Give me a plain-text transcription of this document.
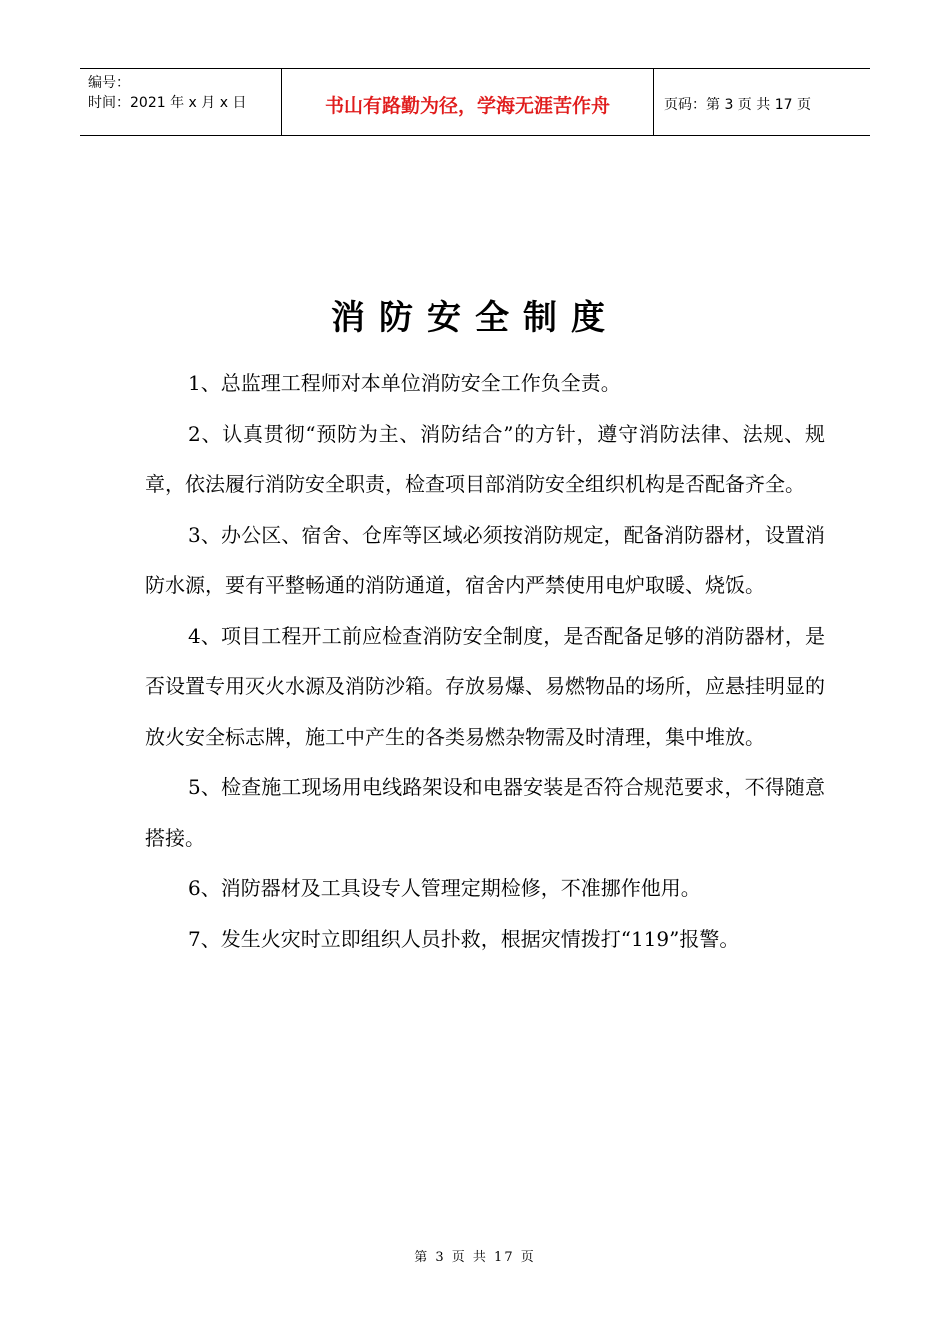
编号：
时间：2021 年 x 月 x 日	书山有路勤为径，学海无涯苦作舟	页码：第 3 页 共 17 页
消防安全制度

1、总监理工程师对本单位消防安全工作负全责。

2、认真贯彻“预防为主、消防结合”的方针，遵守消防法律、法规、规章，依法履行消防安全职责，检查项目部消防安全组织机构是否配备齐全。

3、办公区、宿舍、仓库等区域必须按消防规定，配备消防器材，设置消防水源，要有平整畅通的消防通道，宿舍内严禁使用电炉取暖、烧饭。

4、项目工程开工前应检查消防安全制度，是否配备足够的消防器材，是否设置专用灭火水源及消防沙箱。存放易爆、易燃物品的场所，应悬挂明显的放火安全标志牌，施工中产生的各类易燃杂物需及时清理，集中堆放。

5、检查施工现场用电线路架设和电器安装是否符合规范要求，不得随意搭接。

6、消防器材及工具设专人管理定期检修，不准挪作他用。

7、发生火灾时立即组织人员扑救，根据灾情拨打“119”报警。

第 3 页 共 17 页
